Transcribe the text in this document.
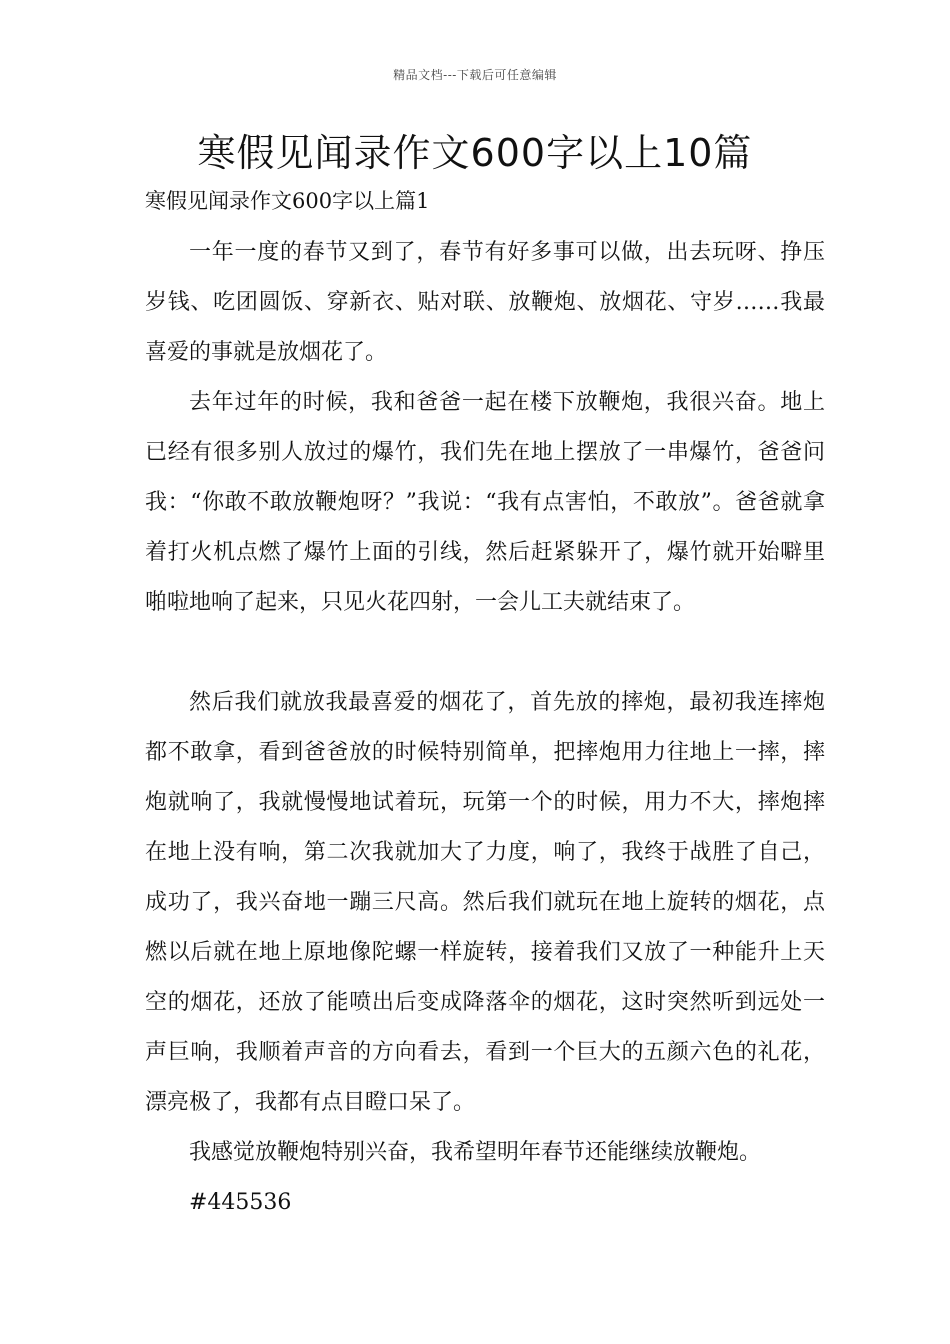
精品文档---下载后可任意编辑
寒假见闻录作文600字以上10篇
寒假见闻录作文600字以上篇1

一年一度的春节又到了，春节有好多事可以做，出去玩呀、挣压岁钱、吃团圆饭、穿新衣、贴对联、放鞭炮、放烟花、守岁……我最喜爱的事就是放烟花了。

去年过年的时候，我和爸爸一起在楼下放鞭炮，我很兴奋。地上已经有很多别人放过的爆竹，我们先在地上摆放了一串爆竹，爸爸问我：“你敢不敢放鞭炮呀？”我说：“我有点害怕，不敢放”。爸爸就拿着打火机点燃了爆竹上面的引线，然后赶紧躲开了，爆竹就开始噼里啪啦地响了起来，只见火花四射，一会儿工夫就结束了。

然后我们就放我最喜爱的烟花了，首先放的摔炮，最初我连摔炮都不敢拿，看到爸爸放的时候特别简单，把摔炮用力往地上一摔，摔炮就响了，我就慢慢地试着玩，玩第一个的时候，用力不大，摔炮摔在地上没有响，第二次我就加大了力度，响了，我终于战胜了自己，成功了，我兴奋地一蹦三尺高。然后我们就玩在地上旋转的烟花，点燃以后就在地上原地像陀螺一样旋转，接着我们又放了一种能升上天空的烟花，还放了能喷出后变成降落伞的烟花，这时突然听到远处一声巨响，我顺着声音的方向看去，看到一个巨大的五颜六色的礼花，漂亮极了，我都有点目瞪口呆了。

我感觉放鞭炮特别兴奋，我希望明年春节还能继续放鞭炮。

#445536
